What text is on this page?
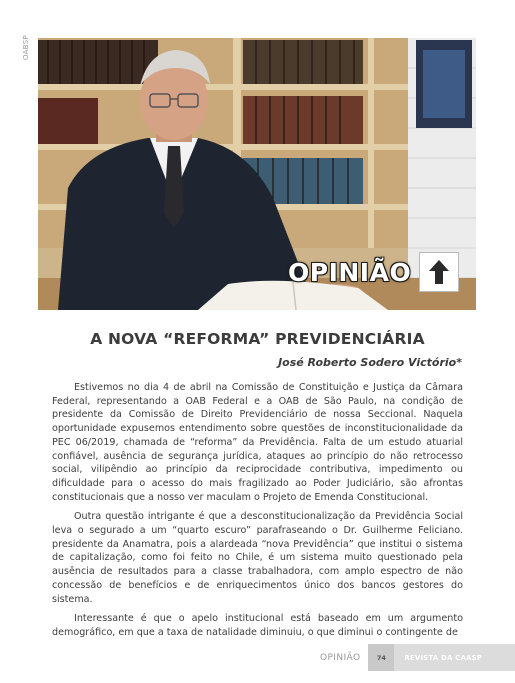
OABSP
OPINIÃO
A NOVA “REFORMA” PREVIDENCIÁRIA
José Roberto Sodero Victório*

Estivemos no dia 4 de abril na Comissão de Constituição e Justiça da Câmara Federal, representando a OAB Federal e a OAB de São Paulo, na condição de presidente da Comissão de Direito Previdenciário de nossa Seccional. Naquela oportunidade expusemos entendimento sobre questões de inconstitucionalidade da PEC 06/2019, chamada de “reforma” da Previdência. Falta de um estudo atuarial confiável, ausência de segurança jurídica, ataques ao princípio do não retrocesso social, vilipêndio ao princípio da reciprocidade contributiva, impedimento ou dificuldade para o acesso do mais fragilizado ao Poder Judiciário, são afrontas constitucionais que a nosso ver maculam o Projeto de Emenda Constitucional.

Outra questão intrigante é que a desconstitucionalização da Previdência Social leva o segurado a um “quarto escuro” parafraseando o Dr. Guilherme Feliciano. presidente da Anamatra, pois a alardeada “nova Previdência” que institui o sistema de capitalização, como foi feito no Chile, é um sistema muito questionado pela ausência de resultados para a classe trabalhadora, com amplo espectro de não concessão de benefícios e de enriquecimentos único dos bancos gestores do sistema.

Interessante é que o apelo institucional está baseado em um argumento demográfico, em que a taxa de natalidade diminuiu, o que diminui o contingente de

OPINIÃO	74	REVISTA DA CAASP
